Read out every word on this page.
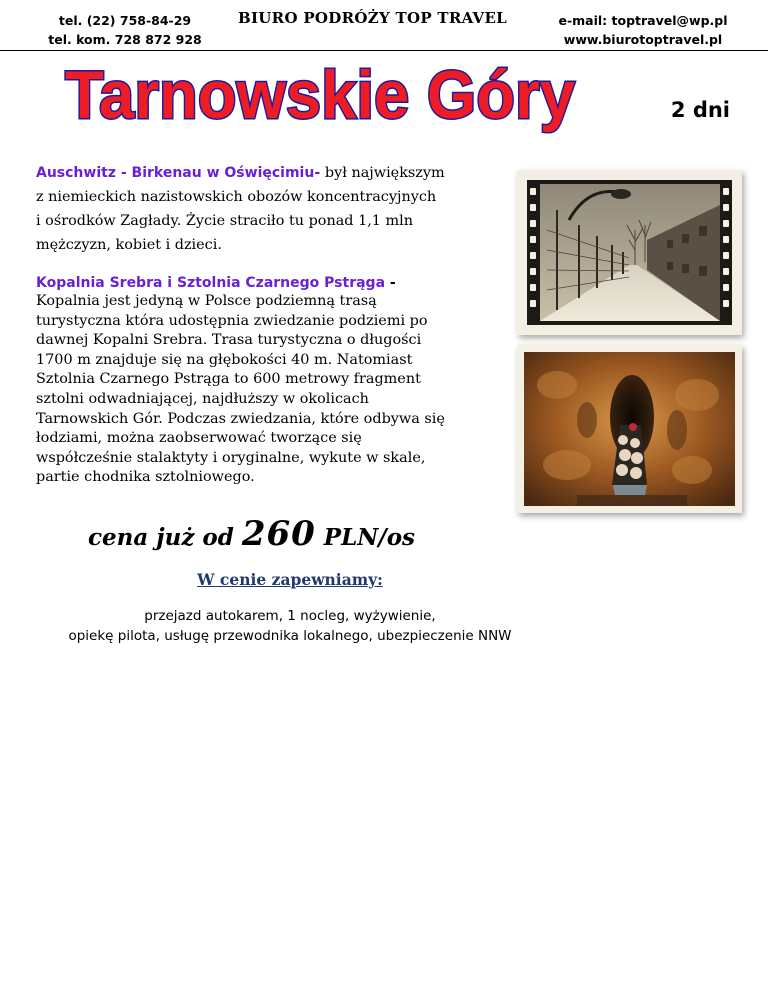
tel. (22) 758-84-29
tel. kom. 728 872 928
BIURO PODRÓŻY TOP TRAVEL	e-mail: toptravel@wp.pl
www.biurotoptravel.pl
Tarnowskie Góry	2 dni

Auschwitz - Birkenau w Oświęcimiu- był największym

z niemieckich nazistowskich obozów koncentracyjnych

i ośrodków Zagłady. Życie straciło tu ponad 1,1 mln

mężczyzn, kobiet i dzieci.

Kopalnia Srebra i Sztolnia Czarnego Pstrąga -

Kopalnia jest jedyną w Polsce podziemną trasą

turystyczna która udostępnia zwiedzanie podziemi po

dawnej Kopalni Srebra. Trasa turystyczna o długości

1700 m znajduje się na głębokości 40 m. Natomiast

Sztolnia Czarnego Pstrąga to 600 metrowy fragment

sztolni odwadniającej, najdłuższy w okolicach

Tarnowskich Gór. Podczas zwiedzania, które odbywa się

łodziami, można zaobserwować tworzące się

współcześnie stalaktyty i oryginalne, wykute w skale,

partie chodnika sztolniowego.

cena już od 260 PLN/os
W cenie zapewniamy:
przejazd autokarem, 1 nocleg, wyżywienie,
opiekę pilota, usługę przewodnika lokalnego, ubezpieczenie NNW
